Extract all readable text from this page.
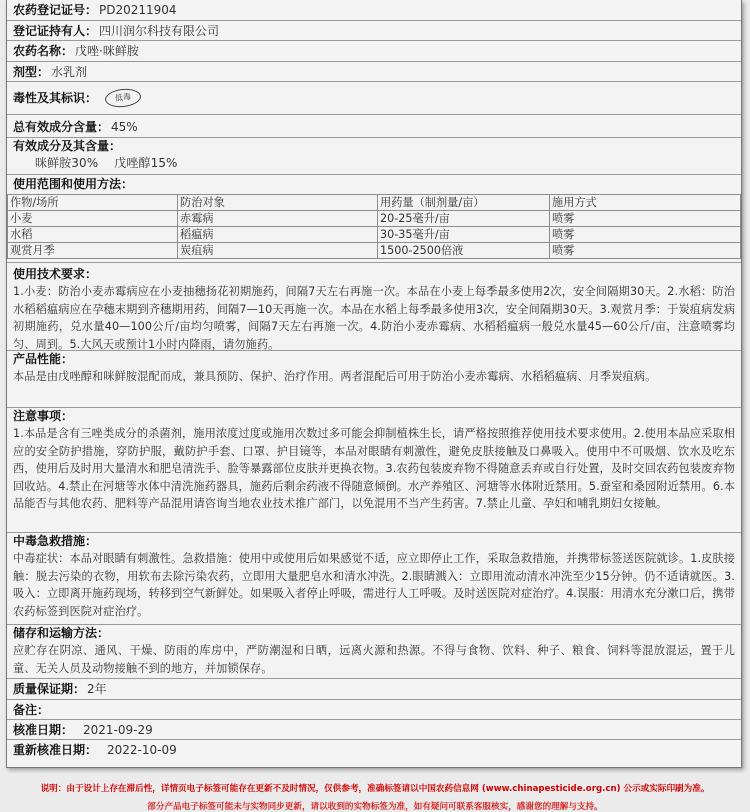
农药登记证号： PD20211904
登记证持有人： 四川润尔科技有限公司
农药名称： 戊唑·咪鲜胺
剂型： 水乳剂
毒性及其标识：	低毒
总有效成分含量： 45%
有效成分及其含量：
咪鲜胺30%　 戊唑醇15%
使用范围和使用方法：
作物/场所	防治对象	用药量（制剂量/亩）	施用方式
小麦	赤霉病	20-25毫升/亩	喷雾
水稻	稻瘟病	30-35毫升/亩	喷雾
观赏月季	炭疽病	1500-2500倍液	喷雾
使用技术要求：
1.小麦：防治小麦赤霉病应在小麦抽穗扬花初期施药，间隔7天左右再施一次。本品在小麦上每季最多使用2次，安全间隔期30天。2.水稻：防治水稻稻瘟病应在孕穗末期到齐穗期用药，间隔7—10天再施一次。本品在水稻上每季最多使用3次，安全间隔期30天。3.观赏月季：于炭疽病发病初期施药，兑水量40—100公斤/亩均匀喷雾，间隔7天左右再施一次。4.防治小麦赤霉病、水稻稻瘟病一般兑水量45—60公斤/亩，注意喷雾均匀、周到。5.大风天或预计1小时内降雨，请勿施药。
产品性能：
本品是由戊唑醇和咪鲜胺混配而成，兼具预防、保护、治疗作用。两者混配后可用于防治小麦赤霉病、水稻稻瘟病、月季炭疽病。
注意事项：
1.本品是含有三唑类成分的杀菌剂，施用浓度过度或施用次数过多可能会抑制植株生长，请严格按照推荐使用技术要求使用。2.使用本品应采取相应的安全防护措施，穿防护服，戴防护手套、口罩、护目镜等，本品对眼睛有刺激性，避免皮肤接触及口鼻吸入。使用中不可吸烟、饮水及吃东西，使用后及时用大量清水和肥皂清洗手、脸等暴露部位皮肤并更换衣物。3.农药包装废弃物不得随意丢弃或自行处置，及时交回农药包装废弃物回收站。4.禁止在河塘等水体中清洗施药器具，施药后剩余药液不得随意倾倒。水产养殖区、河塘等水体附近禁用。5.蚕室和桑园附近禁用。6.本品能否与其他农药、肥料等产品混用请咨询当地农业技术推广部门，以免混用不当产生药害。7.禁止儿童、孕妇和哺乳期妇女接触。
中毒急救措施：
中毒症状：本品对眼睛有刺激性。急救措施：使用中或使用后如果感觉不适，应立即停止工作，采取急救措施，并携带标签送医院就诊。1.皮肤接触：脱去污染的衣物，用软布去除污染农药，立即用大量肥皂水和清水冲洗。2.眼睛溅入：立即用流动清水冲洗至少15分钟。仍不适请就医。3.吸入：立即离开施药现场，转移到空气新鲜处。如果吸入者停止呼吸，需进行人工呼吸。及时送医院对症治疗。4.误服：用清水充分漱口后，携带农药标签到医院对症治疗。
储存和运输方法：
应贮存在阴凉、通风、干燥、防雨的库房中，严防潮湿和日晒，远离火源和热源。不得与食物、饮料、种子、粮食、饲料等混放混运，置于儿童、无关人员及动物接触不到的地方，并加锁保存。
质量保证期： 2年
备注：
核准日期： 2021-09-29
重新核准日期： 2022-10-09
说明：由于设计上存在滞后性，详情页电子标签可能存在更新不及时情况，仅供参考，准确标签请以中国农药信息网 (www.chinapesticide.org.cn) 公示或实际印刷为准。
部分产品电子标签可能未与实物同步更新，请以收到的实物标签为准，如有疑问可联系客服核实，感谢您的理解与支持。
